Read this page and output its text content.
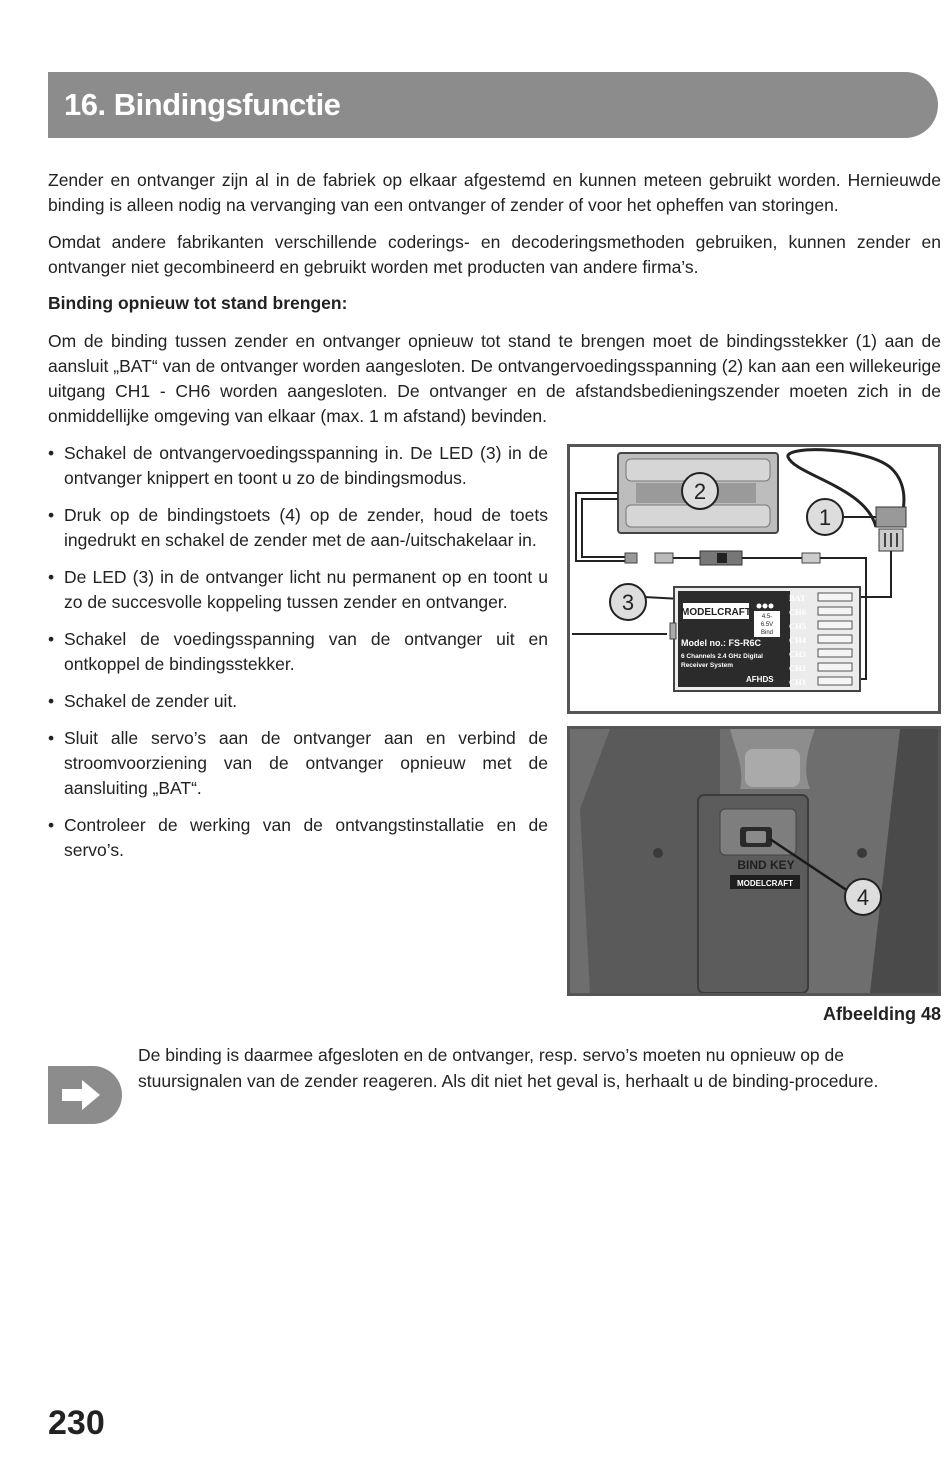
16. Bindingsfunctie

Zender en ontvanger zijn al in de fabriek op elkaar afgestemd en kunnen meteen gebruikt worden. Hernieuwde binding is alleen nodig na vervanging van een ontvanger of zender of voor het opheffen van storingen.

Omdat andere fabrikanten verschillende coderings- en decoderingsmethoden gebruiken, kunnen zender en ontvanger niet gecombineerd en gebruikt worden met producten van andere firma’s.

Binding opnieuw tot stand brengen:

Om de binding tussen zender en ontvanger opnieuw tot stand te brengen moet de bindingsstekker (1) aan de aansluit „BAT“ van de ontvanger worden aangesloten. De ontvangervoedingsspanning (2) kan aan een willekeurige uitgang CH1 - CH6 worden aangesloten. De ontvanger en de afstandsbedieningszender moeten zich in de onmiddellijke omgeving van elkaar (max. 1 m afstand) bevinden.

• Schakel de ontvangervoedingsspanning in. De LED (3) in de ontvanger knippert en toont u zo de bindingsmodus.
• Druk op de bindingstoets (4) op de zender, houd de toets ingedrukt en schakel de zender met de aan-/uitschakelaar in.
• De LED (3) in de ontvanger licht nu permanent op en toont u zo de succesvolle koppeling tussen zender en ontvanger.
• Schakel de voedingsspanning van de ontvanger uit en ontkoppel de bindingsstekker.
• Schakel de zender uit.
• Sluit alle servo’s aan de ontvanger aan en verbind de stroomvoorziening van de ontvanger opnieuw met de aansluiting „BAT“.
• Controleer de werking van de ontvangstinstallatie en de servo’s.
MODELCRAFT 4.5-
6.5V
Bind
Model no.: FS-R6C
6 Channels 2.4 GHz Digital
Receiver System
AFHDS
BAT
CH6
CH5
CH4
CH3
CH2
CH1
2
1
3
BIND KEY
MODELCRAFT
4
Afbeelding 48

De binding is daarmee afgesloten en de ontvanger, resp. servo’s moeten nu opnieuw op de stuursignalen van de zender reageren. Als dit niet het geval is, herhaalt u de binding-procedure.

230
